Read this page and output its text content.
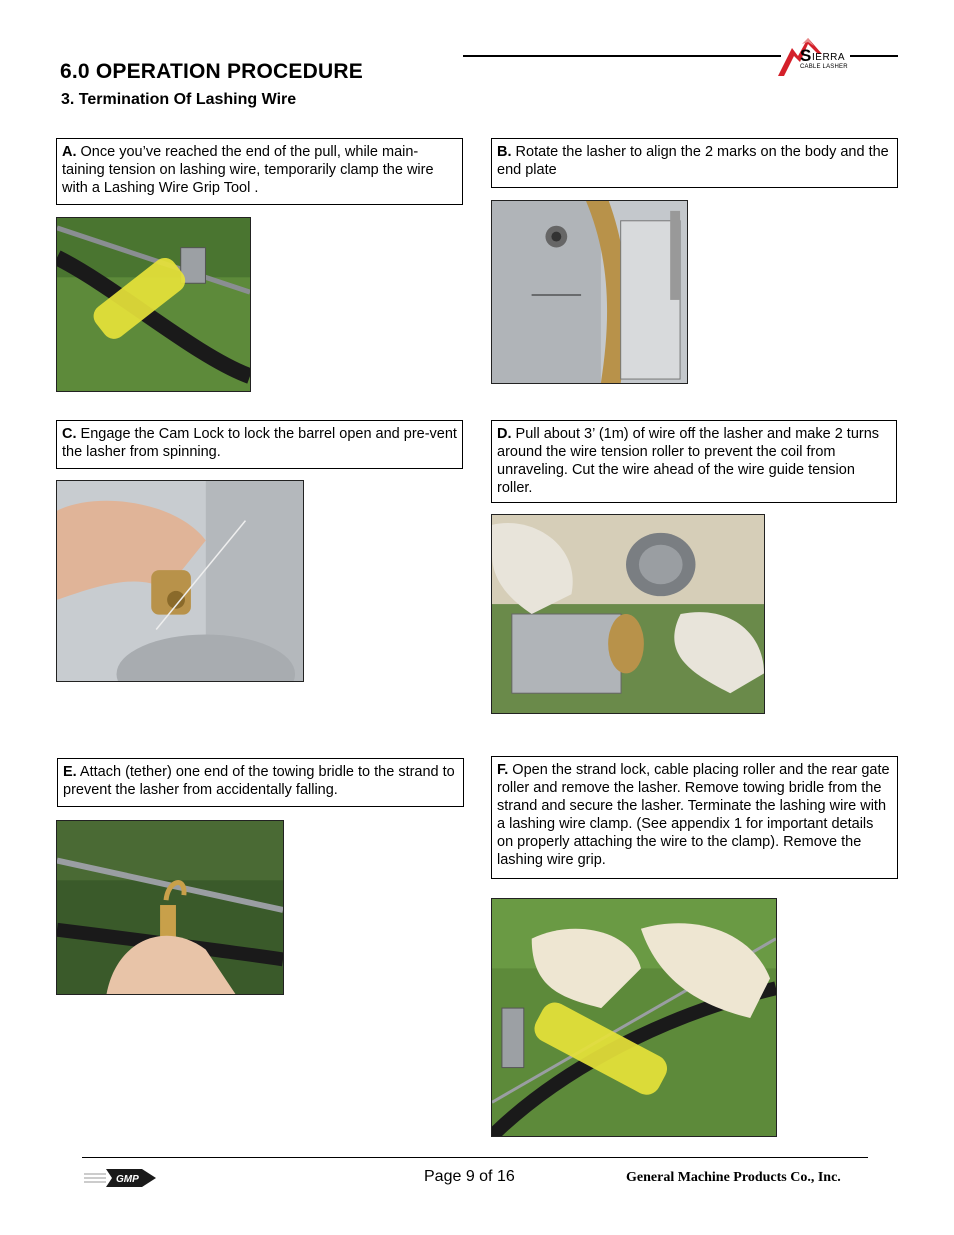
S IERRA
CABLE LASHER
6.0 OPERATION PROCEDURE
3. Termination Of Lashing Wire
A. Once you’ve reached the end of the pull, while main-taining tension on lashing wire, temporarily clamp the wire with a Lashing Wire Grip Tool .
B. Rotate the lasher to align the 2 marks on the body and the end plate
C. Engage the Cam Lock to lock the barrel open and pre-vent the lasher from spinning.
D. Pull about 3’ (1m) of wire off the lasher and make 2 turns around the wire tension roller to prevent the coil from unraveling. Cut the wire ahead of the wire guide tension roller.
E. Attach (tether) one end of the towing bridle to the strand to prevent the lasher from accidentally falling.
F. Open the strand lock, cable placing roller and the rear gate roller and remove the lasher. Remove towing bridle from the strand and secure the lasher. Terminate the lashing wire with a lashing wire clamp. (See appendix 1 for important details on properly attaching the wire to the clamp). Remove the lashing wire grip.
GMP	Page 9 of 16	General Machine Products Co., Inc.
